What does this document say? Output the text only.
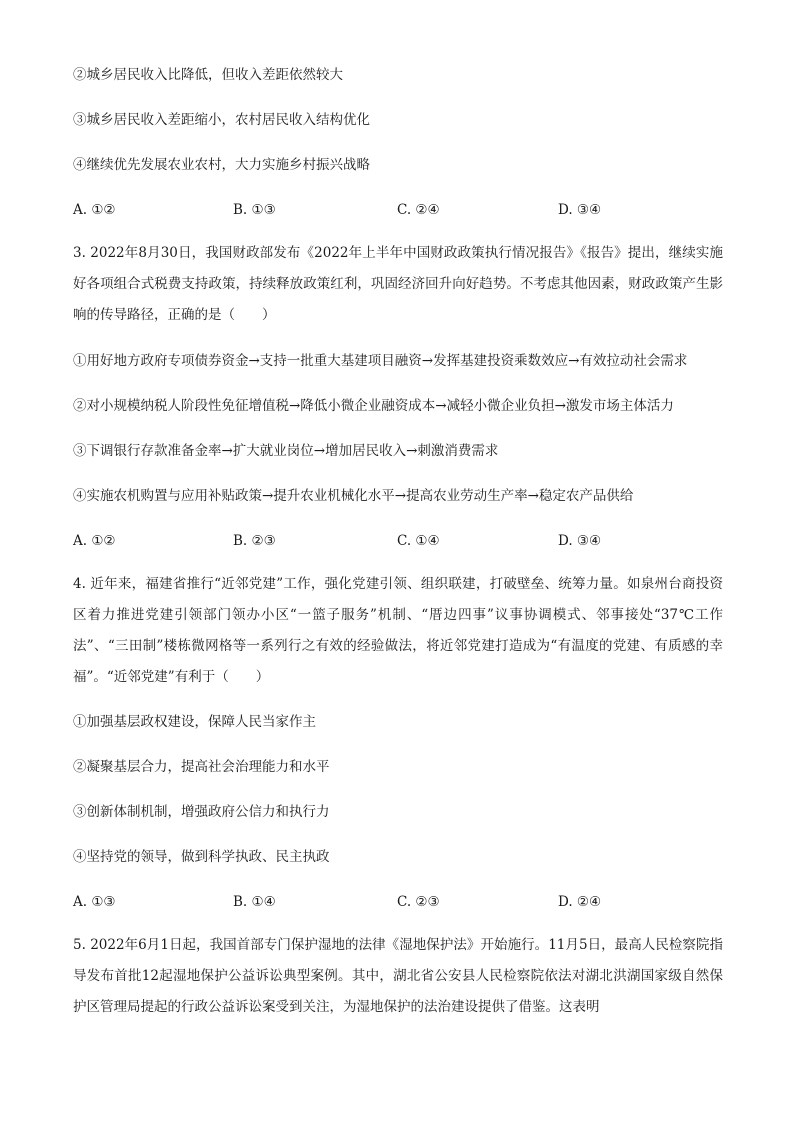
②城乡居民收入比降低，但收入差距依然较大
③城乡居民收入差距缩小，农村居民收入结构优化
④继续优先发展农业农村，大力实施乡村振兴战略
A. ①②	B. ①③	C. ②④	D. ③④
3. 2022年8月30日，我国财政部发布《2022年上半年中国财政政策执行情况报告》《报告》提出，继续实施好各项组合式税费支持政策，持续释放政策红利，巩固经济回升向好趋势。不考虑其他因素，财政政策产生影响的传导路径，正确的是（　　）
①用好地方政府专项债券资金→支持一批重大基建项目融资→发挥基建投资乘数效应→有效拉动社会需求
②对小规模纳税人阶段性免征增值税→降低小微企业融资成本→减轻小微企业负担→激发市场主体活力
③下调银行存款准备金率→扩大就业岗位→增加居民收入→刺激消费需求
④实施农机购置与应用补贴政策→提升农业机械化水平→提高农业劳动生产率→稳定农产品供给
A. ①②	B. ②③	C. ①④	D. ③④
4. 近年来，福建省推行“近邻党建”工作，强化党建引领、组织联建，打破壁垒、统筹力量。如泉州台商投资区着力推进党建引领部门领办小区“一篮子服务”机制、“厝边四事”议事协调模式、邻事接处“37℃工作法”、“三田制”楼栋微网格等一系列行之有效的经验做法，将近邻党建打造成为“有温度的党建、有质感的幸福”。“近邻党建”有利于（　　）
①加强基层政权建设，保障人民当家作主
②凝聚基层合力，提高社会治理能力和水平
③创新体制机制，增强政府公信力和执行力
④坚持党的领导，做到科学执政、民主执政
A. ①③	B. ①④	C. ②③	D. ②④
5. 2022年6月1日起，我国首部专门保护湿地的法律《湿地保护法》开始施行。11月5日，最高人民检察院指导发布首批12起湿地保护公益诉讼典型案例。其中，湖北省公安县人民检察院依法对湖北洪湖国家级自然保护区管理局提起的行政公益诉讼案受到关注，为湿地保护的法治建设提供了借鉴。这表明
